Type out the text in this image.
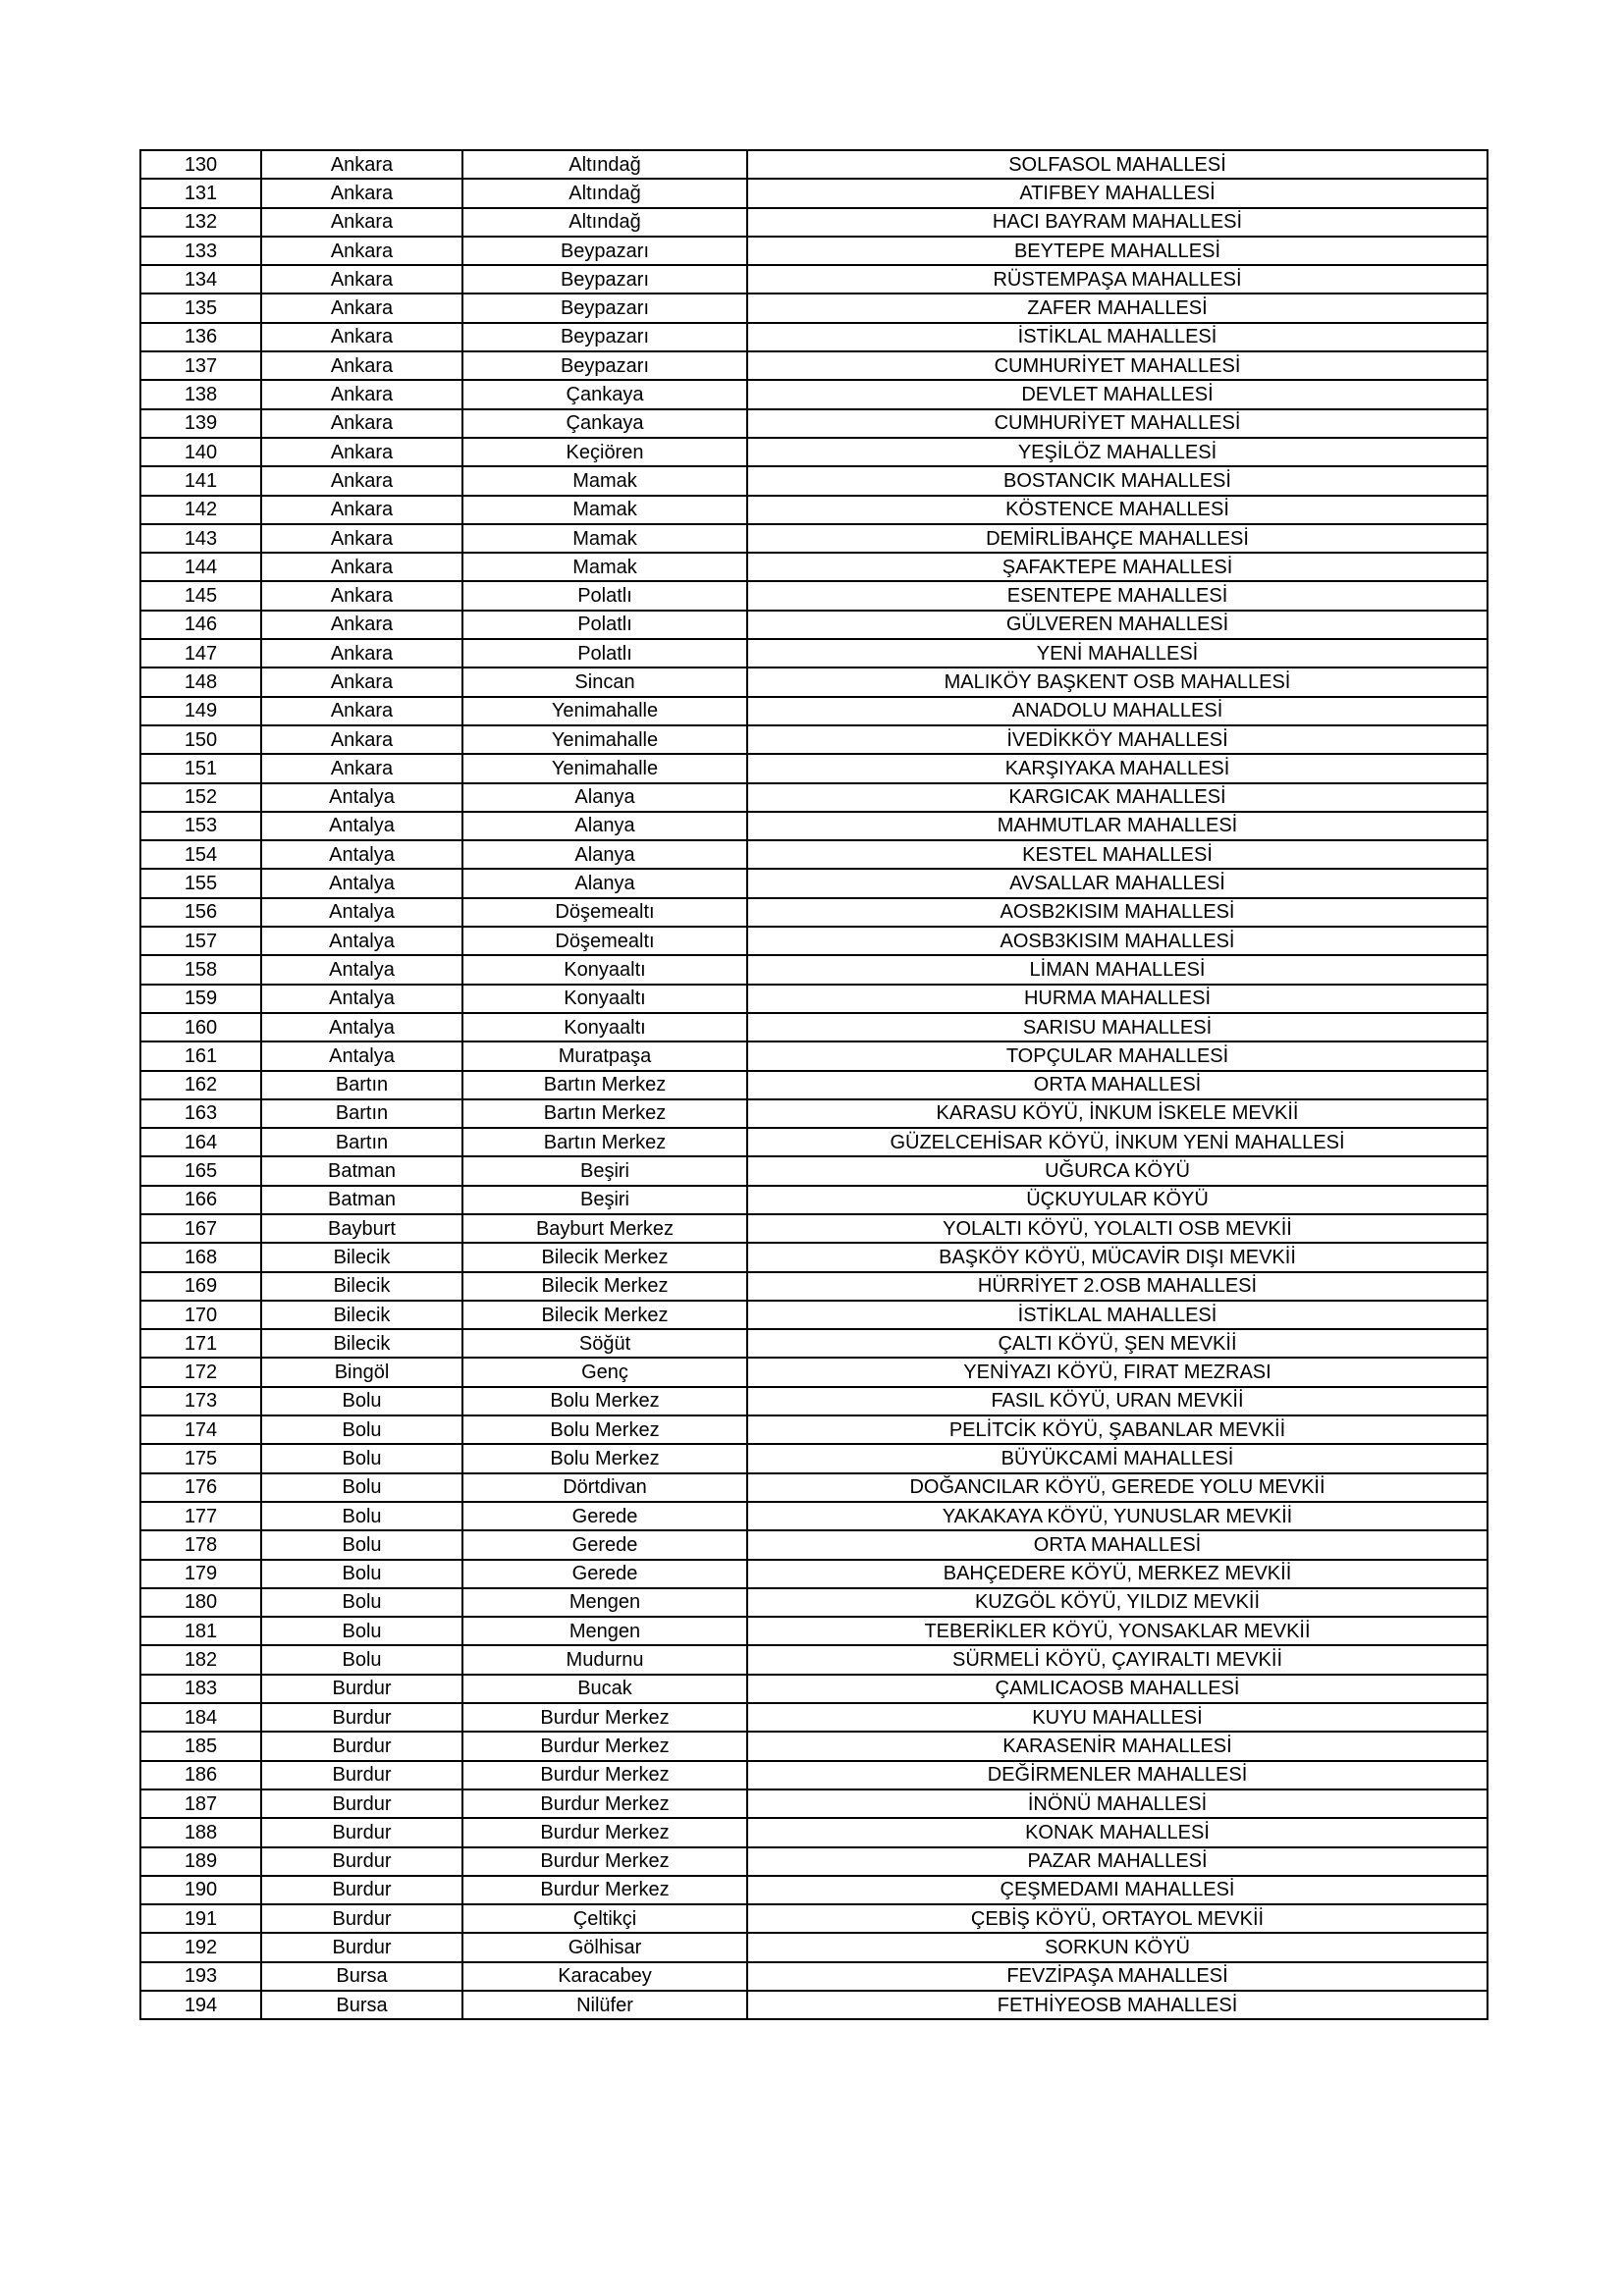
130	Ankara	Altındağ	SOLFASOL MAHALLESİ
131	Ankara	Altındağ	ATIFBEY MAHALLESİ
132	Ankara	Altındağ	HACI BAYRAM MAHALLESİ
133	Ankara	Beypazarı	BEYTEPE MAHALLESİ
134	Ankara	Beypazarı	RÜSTEMPAŞA MAHALLESİ
135	Ankara	Beypazarı	ZAFER MAHALLESİ
136	Ankara	Beypazarı	İSTİKLAL MAHALLESİ
137	Ankara	Beypazarı	CUMHURİYET MAHALLESİ
138	Ankara	Çankaya	DEVLET MAHALLESİ
139	Ankara	Çankaya	CUMHURİYET MAHALLESİ
140	Ankara	Keçiören	YEŞİLÖZ MAHALLESİ
141	Ankara	Mamak	BOSTANCIK MAHALLESİ
142	Ankara	Mamak	KÖSTENCE MAHALLESİ
143	Ankara	Mamak	DEMİRLİBAHÇE MAHALLESİ
144	Ankara	Mamak	ŞAFAKTEPE MAHALLESİ
145	Ankara	Polatlı	ESENTEPE MAHALLESİ
146	Ankara	Polatlı	GÜLVEREN MAHALLESİ
147	Ankara	Polatlı	YENİ MAHALLESİ
148	Ankara	Sincan	MALIKÖY BAŞKENT OSB MAHALLESİ
149	Ankara	Yenimahalle	ANADOLU MAHALLESİ
150	Ankara	Yenimahalle	İVEDİKKÖY MAHALLESİ
151	Ankara	Yenimahalle	KARŞIYAKA MAHALLESİ
152	Antalya	Alanya	KARGICAK MAHALLESİ
153	Antalya	Alanya	MAHMUTLAR MAHALLESİ
154	Antalya	Alanya	KESTEL MAHALLESİ
155	Antalya	Alanya	AVSALLAR MAHALLESİ
156	Antalya	Döşemealtı	AOSB2KISIM MAHALLESİ
157	Antalya	Döşemealtı	AOSB3KISIM MAHALLESİ
158	Antalya	Konyaaltı	LİMAN MAHALLESİ
159	Antalya	Konyaaltı	HURMA MAHALLESİ
160	Antalya	Konyaaltı	SARISU MAHALLESİ
161	Antalya	Muratpaşa	TOPÇULAR MAHALLESİ
162	Bartın	Bartın Merkez	ORTA MAHALLESİ
163	Bartın	Bartın Merkez	KARASU KÖYÜ, İNKUM İSKELE MEVKİİ
164	Bartın	Bartın Merkez	GÜZELCEHİSAR KÖYÜ, İNKUM YENİ MAHALLESİ
165	Batman	Beşiri	UĞURCA KÖYÜ
166	Batman	Beşiri	ÜÇKUYULAR KÖYÜ
167	Bayburt	Bayburt Merkez	YOLALTI KÖYÜ, YOLALTI OSB MEVKİİ
168	Bilecik	Bilecik Merkez	BAŞKÖY KÖYÜ, MÜCAVİR DIŞI MEVKİİ
169	Bilecik	Bilecik Merkez	HÜRRİYET 2.OSB MAHALLESİ
170	Bilecik	Bilecik Merkez	İSTİKLAL MAHALLESİ
171	Bilecik	Söğüt	ÇALTI KÖYÜ, ŞEN MEVKİİ
172	Bingöl	Genç	YENİYAZI KÖYÜ, FIRAT MEZRASI
173	Bolu	Bolu Merkez	FASIL KÖYÜ, URAN MEVKİİ
174	Bolu	Bolu Merkez	PELİTCİK KÖYÜ, ŞABANLAR MEVKİİ
175	Bolu	Bolu Merkez	BÜYÜKCAMİ MAHALLESİ
176	Bolu	Dörtdivan	DOĞANCILAR KÖYÜ, GEREDE YOLU MEVKİİ
177	Bolu	Gerede	YAKAKAYA KÖYÜ, YUNUSLAR MEVKİİ
178	Bolu	Gerede	ORTA MAHALLESİ
179	Bolu	Gerede	BAHÇEDERE KÖYÜ, MERKEZ MEVKİİ
180	Bolu	Mengen	KUZGÖL KÖYÜ, YILDIZ MEVKİİ
181	Bolu	Mengen	TEBERİKLER KÖYÜ, YONSAKLAR MEVKİİ
182	Bolu	Mudurnu	SÜRMELİ KÖYÜ, ÇAYIRALTI MEVKİİ
183	Burdur	Bucak	ÇAMLICAOSB MAHALLESİ
184	Burdur	Burdur Merkez	KUYU MAHALLESİ
185	Burdur	Burdur Merkez	KARASENİR MAHALLESİ
186	Burdur	Burdur Merkez	DEĞİRMENLER MAHALLESİ
187	Burdur	Burdur Merkez	İNÖNÜ MAHALLESİ
188	Burdur	Burdur Merkez	KONAK MAHALLESİ
189	Burdur	Burdur Merkez	PAZAR MAHALLESİ
190	Burdur	Burdur Merkez	ÇEŞMEDAMI MAHALLESİ
191	Burdur	Çeltikçi	ÇEBİŞ KÖYÜ, ORTAYOL MEVKİİ
192	Burdur	Gölhisar	SORKUN KÖYÜ
193	Bursa	Karacabey	FEVZİPAŞA MAHALLESİ
194	Bursa	Nilüfer	FETHİYEOSB MAHALLESİ
